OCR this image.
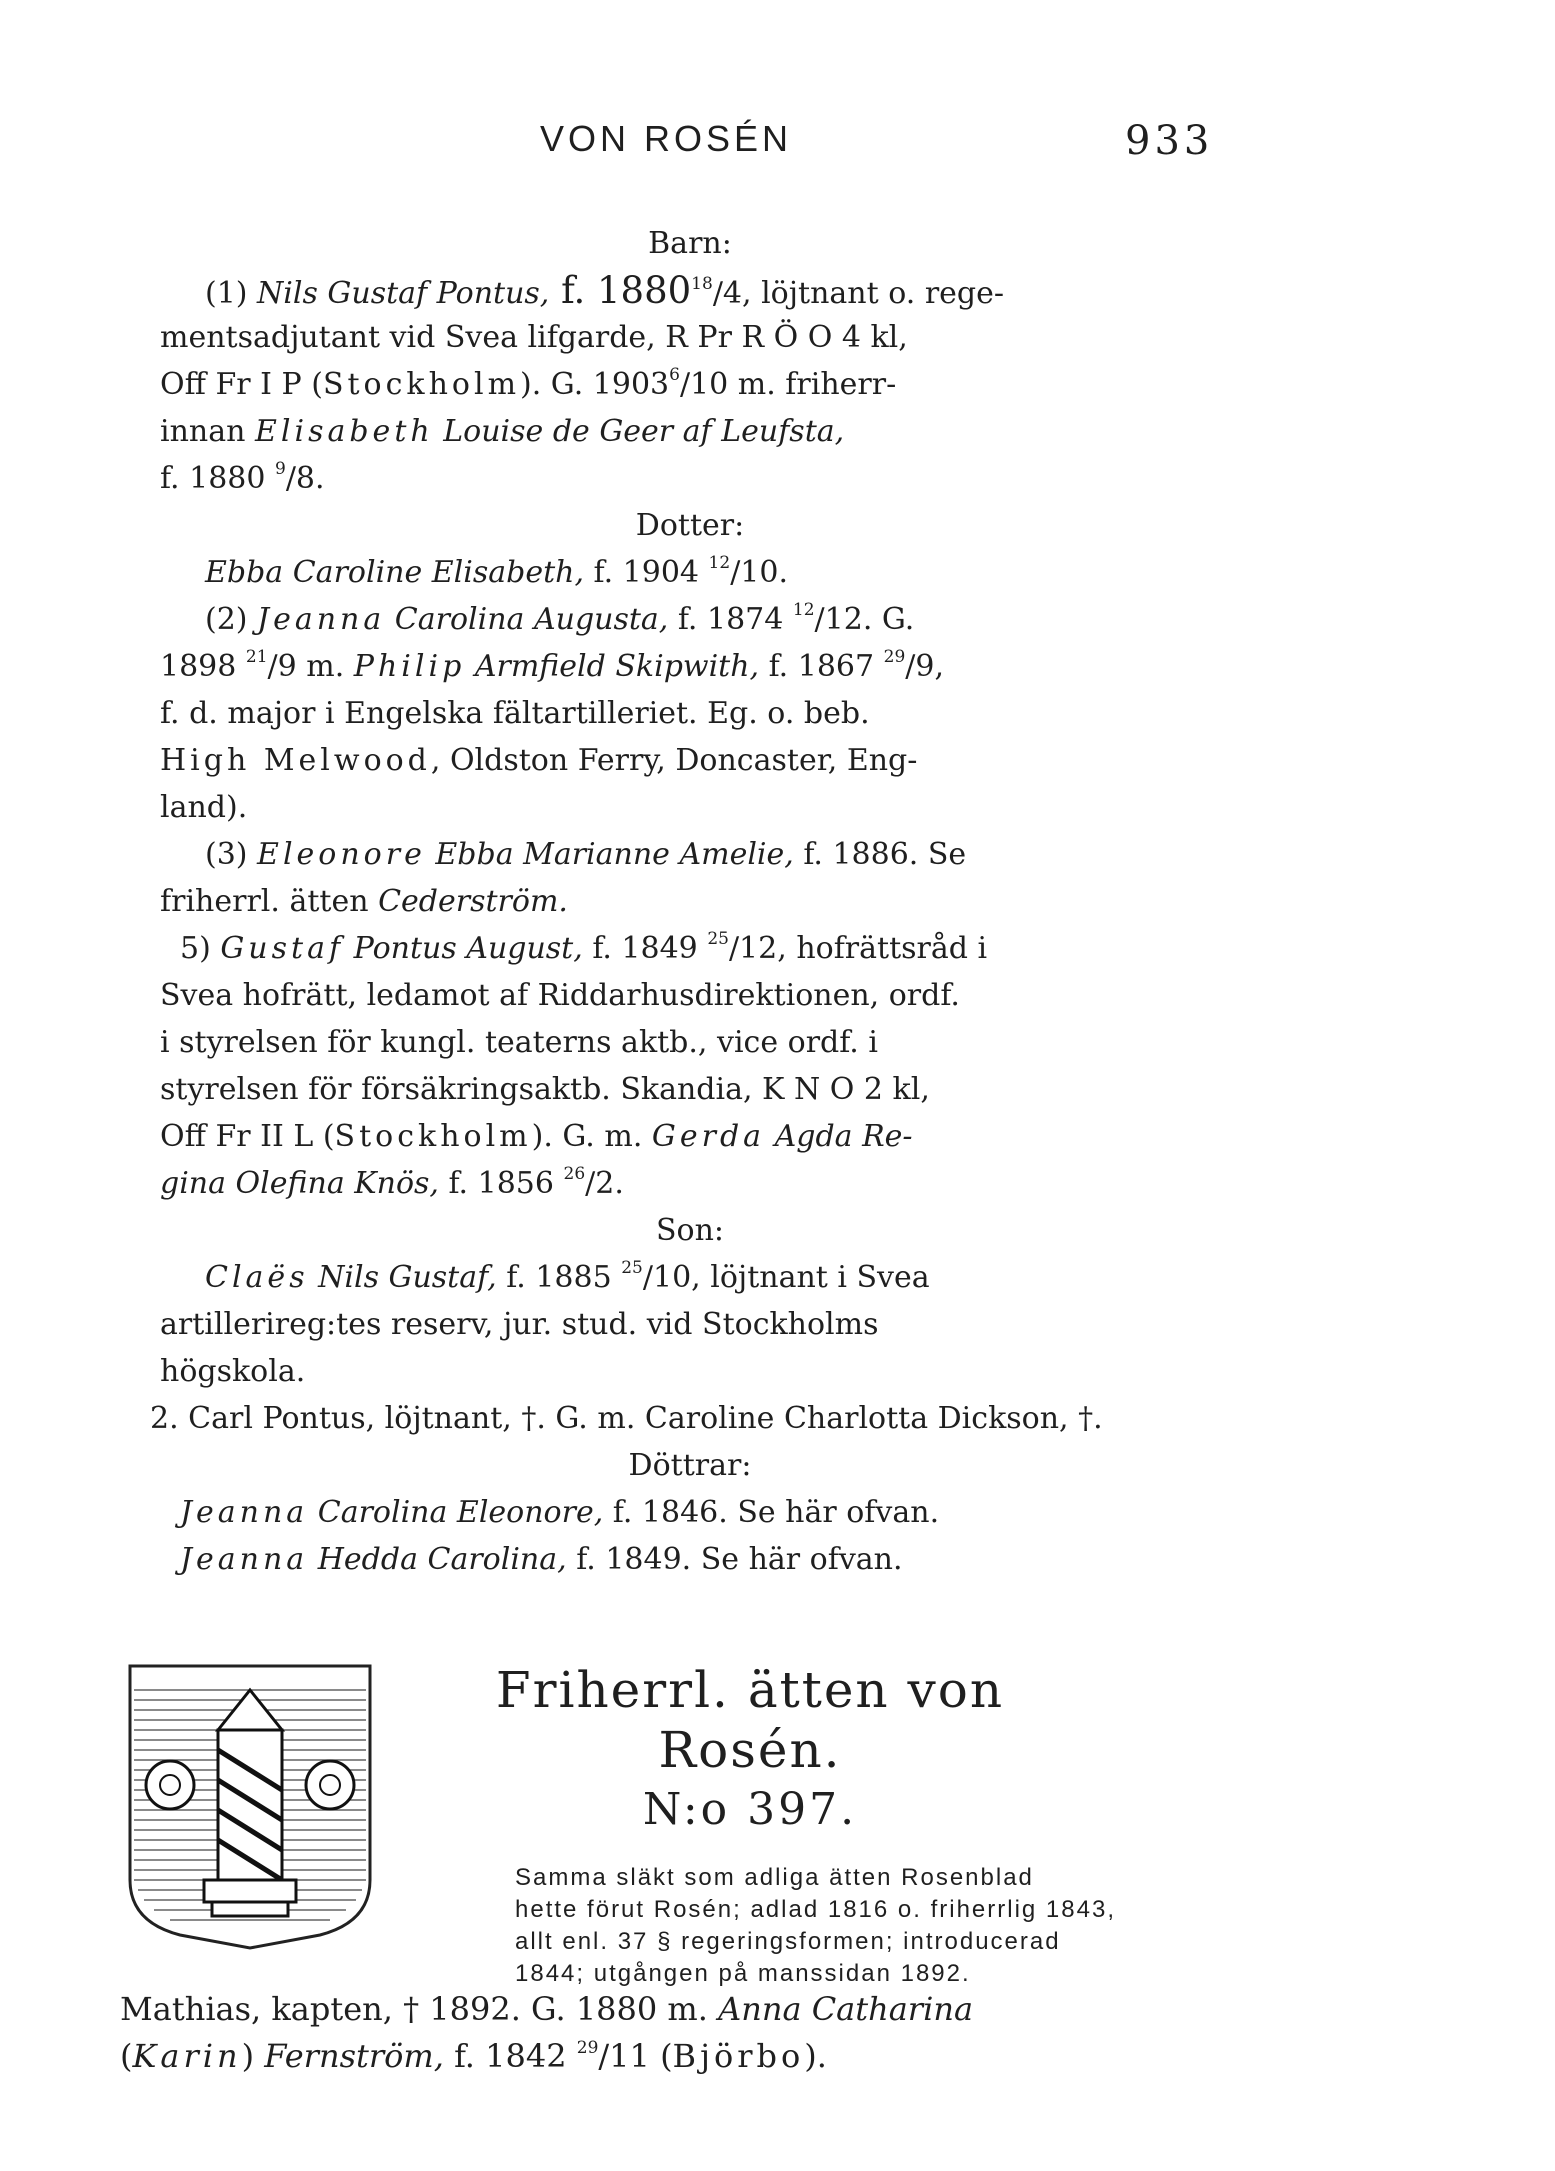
VON ROSÉN	933
Barn:
(1) Nils Gustaf Pontus, f. 1880$^{18}$/4, löjtnant o. rege-
mentsadjutant vid Svea lifgarde, R Pr R Ö O 4 kl,
Off Fr I P (Stockholm). G. 1903$^6$/10 m. friherr-
innan Elisabeth Louise de Geer af Leufsta,
f. 1880 $^9$/8.
Dotter:
Ebba Caroline Elisabeth, f. 1904 $^{12}$/10.
(2) Jeanna Carolina Augusta, f. 1874 $^{12}$/12. G.
1898 $^{21}$/9 m. Philip Armfield Skipwith, f. 1867 $^{29}$/9,
f. d. major i Engelska fältartilleriet. Eg. o. beb.
High Melwood, Oldston Ferry, Doncaster, Eng-
land).
(3) Eleonore Ebba Marianne Amelie, f. 1886. Se
friherrl. ätten Cederström.
5) Gustaf Pontus August, f. 1849 $^{25}$/12, hofrättsråd i
Svea hofrätt, ledamot af Riddarhusdirektionen, ordf.
i styrelsen för kungl. teaterns aktb., vice ordf. i
styrelsen för försäkringsaktb. Skandia, K N O 2 kl,
Off Fr II L (Stockholm). G. m. Gerda Agda Re-
gina Olefina Knös, f. 1856 $^{26}$/2.
Son:
Claës Nils Gustaf, f. 1885 $^{25}$/10, löjtnant i Svea
artillerireg:tes reserv, jur. stud. vid Stockholms
högskola.
2. Carl Pontus, löjtnant, †. G. m. Caroline Charlotta Dickson, †.
Döttrar:
Jeanna Carolina Eleonore, f. 1846. Se här ofvan.
Jeanna Hedda Carolina, f. 1849. Se här ofvan.
Friherrl. ätten von Rosén.
N:o 397.
Samma släkt som adliga ätten Rosenblad
hette förut Rosén; adlad 1816 o. friherrlig 1843,
allt enl. 37 § regeringsformen; introducerad
1844; utgången på manssidan 1892.
Mathias, kapten, † 1892. G. 1880 m. Anna Catharina
(Karin) Fernström, f. 1842 $^{29}$/11 (Björbo).
